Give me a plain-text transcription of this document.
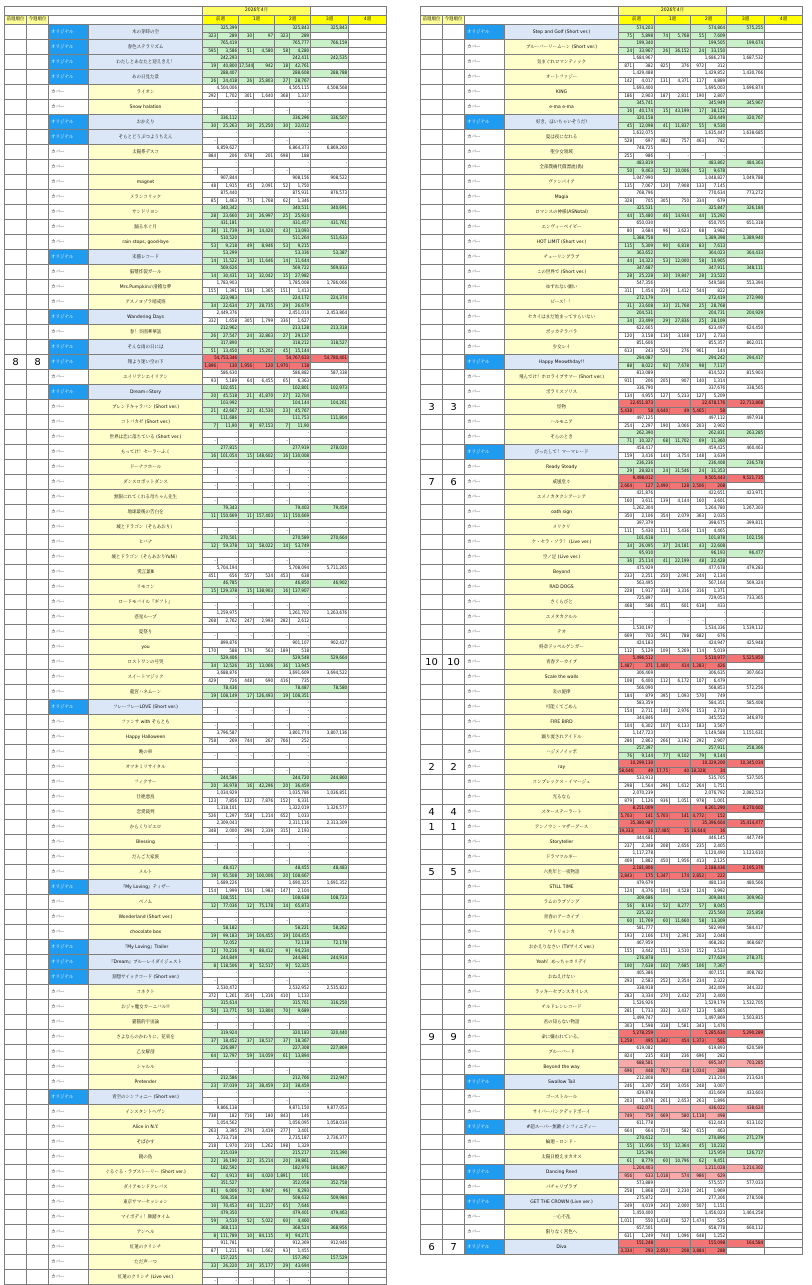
				2026年4月							
前週順位	今週順位			前週		1週		2週		3週	4週
		オリジナル	木の芽時の空	325,399				325,843		325,843	
				323	289	30	97	323	289		
		オリジナル	春色ステラリズム	765,419				765,777		766,159	
				595	3,586	51	4,580	58	4,280		
		オリジナル	わたしとあなたと迎えきえ！	242,293				242,411		242,535	
				19	40,800	17,544	942	18	42,761		
		オリジナル	あの日見た景	288,407				288,608		288,788	
				26	24,418	26	25,803	27	28,767		
		カバー	ライオン	4,504,006				4,505,115		4,508,568	
				292	1,702	301	1,640	368	1,337		
		カバー	Snow halation	-				-		-	
				-	-	-	-	-	-		
		オリジナル	おかえり	336,112				336,296		336,507	
				30	25,263	30	25,250	30	22,012		
		オリジナル	そらとどうぶつようちえん	-				-		-	
				-	-	-	-	-	-		
		カバー	太陽系デスコ	6,859,627				6,864,373		6,869,260	
				884	206	678	201	698	188		
		カバー		-				-		-	
				-	-	-	-	-	-		
		カバー	magnet	907,844				908,156		908,522	
				48	1,915	45	2,091	52	1,750		
		カバー	メランコリック	875,440				875,931		876,573	
				85	1,463	75	1,768	62	1,346		
		カバー	サンドリヨン	340,342				340,511		340,691	
				28	23,660	24	26,997	25	25,924		
		カバー	踊る水ぐ月	431,181				431,457		431,761	
				36	11,739	39	14,420	43	13,093		
		カバー	rain stops, good-bye	510,520				511,264		511,633	
				53	9,218	49	8,946	53	9,215		
		オリジナル	未描レコード	53,299				53,336		53,387	
				14	11,522	14	11,646	14	11,644		
		カバー	脳漿炸裂ガール	569,626				569,722		569,833	
				14	30,431	13	32,042	15	27,982		
		カバー	Mrs.Pumpkinの滑稽な夢	1,783,903				1,785,008		1,786,066	
				155	1,391	158	1,365	151	1,413		
		カバー	アスノヨゾラ哨戒班	223,983				224,172		224,374	
				34	22,634	27	28,735	29	26,679		
		オリジナル	Wandering Days	2,449,376				2,451,014		2,453,864	
				332	1,658	305	1,799	336	1,627		
		カバー	春！卒園華華話	212,962				213,128		213,318	
				26	27,547	24	32,863	27	29,137		
		オリジナル	そんな雨の日には	317,890				318,212		318,527	
				51	13,450	45	15,202	45	15,144		
8	8	オリジナル	翔より迷い空の下	54,753,346				54,767,633		54,780,461	
				1,896	130	1,956	120	1,970	118		
		カバー	エイリアンエイリアン	586,630				586,882		587,338	
				93	5,189	64	6,455	65	6,363		
		オリジナル	Dream☆Story	102,651				102,801		102,973	
				20	45,518	21	41,870	27	32,704		
		カバー	ブレンドキャラバン (Short ver.)	103,992				104,144		104,261	
				21	42,667	22	41,530	23	45,767		
		カバー	コトバカゼ (Short ver.)	111,686				111,753		111,804	
				7	11,90	8	97,153	7	11,90		
		カバー	世界は恋に落ちている (Short ver.)	-				-		-	
				-	-	-	-	-	-		
		カバー	もってけ！セーラーふく	277,815				277,919		278,020	
				16	101,054	15	148,602	16	130,008		
		カバー	ドーナツホール	-				-		-	
				-	-	-	-	-	-		
		カバー	ダンスロボットダンス	-				-		-	
				-	-	-	-	-	-		
		カバー	無限にれてくれる母ちゃん先生	-				-		-	
				-	-	-	-	-	-		
		カバー	地球最後の告白を	79,343				79,403		79,459	
				11	150,669	11	157,403	11	150,669		
		カバー	城とドラゴン（そらあおり）	-				-		-	
				-	-	-	-	-	-		
		カバー	ヒバナ	270,501				270,589		270,664	
				12	59,378	13	58,022	14	53,749		
		カバー	城とドラゴン（そらあおりYuNi）	-				-		-	
				-	-	-	-	-	-		
		カバー	愛言葉Ⅲ	5,704,194				5,708,094		5,711,265	
				451	656	557	524	453	638		
		カバー	リモコン	46,785				46,850		46,902	
				15	129,378	15	138,903	16	137,907		
		カバー	ロードモバイル『ギフト』	-				-		-	
				-	-	-	-	-	-		
		カバー	惑星ループ	1,259,975				1,261,702		1,263,676	
				268	2,762	247	2,993	282	2,612		
		カバー	夏祭り	-				-		-	
				-	-	-	-	-	-		
		カバー	you	899,876				901,107		902,427	
				170	588	176	563	189	518		
		カバー	ロストワンの号哭	529,406				529,548		529,664	
				34	12,526	35	13,066	36	13,945		
		カバー	スイートマジック	3,688,876				3,691,609		3,694,522	
				429	726	448	690	416	735		
		カバー	龍宮ハネムーン	78,436				78,487		78,580	
				19	108,149	17	126,493	19	108,351		
		オリジナル	フレーフレーLOVE (Short ver.)	-				-		-	
				-	-	-	-	-	-		
		カバー	ファンサ with そらとも	-				-		-	
				-	-	-	-	-	-		
		カバー	Happy Halloween	3,796,587				3,801,774		3,807,136	
				758	269	744	267	766	252		
		カバー	晩の車	-				-		-	
				-	-	-	-	-	-		
		カバー	オツキミリサイタル	-				-		-	
				-	-	-	-	-	-		
		カバー	フィクサー	244,586				244,720		244,860	
				20	36,978	16	42,296	20	36,459		
		カバー	仕絶悪鳥	1,034,929				1,035,786		1,036,851	
				123	7,856	122	7,876	152	6,331		
		カバー	恋愛裁判	1,318,101				1,322,019		1,326,577	
				526	1,297	558	1,214	652	1,033		
		カバー	からくりピエロ	2,309,043				2,311,116		2,313,309	
				348	2,000	296	2,339	315	2,193		
		カバー	Blessing	-				-		-	
				-	-	-	-	-	-		
		カバー	だんご大家族	-				-		-	
				-	-	-	-	-	-		
		カバー	メルト	48,417				48,455		48,483	
				19	95,508	20	100,006	20	108,667		
		オリジナル	『My Loving』ティザー	1,689,226				1,690,325		1,691,352	
				154	1,999	156	1,983	147	2,104		
		カバー	ベノム	108,551				108,638		108,723	
				12	77,036	12	75,178	14	65,873		
		カバー	Wonderland (Short ver.)	-				-		-	
				-	-	-	-	-	-		
		カバー	chocolate box	58,182				58,221		58,262	
				19	99,183	19	104,455	19	104,455		
		オリジナル	『My Loving』Trailer	72,052				72,118		72,178	
				12	70,216	9	88,412	9	94,234		
		オリジナル	『Dream』ブルーレイダイジェスト	244,849				244,881		244,914	
				8	118,506	8	52,517	9	52,325		
		オリジナル	刻想サイックコード (Short ver.)	-				-		-	
				-	-	-	-	-	-		
		カバー	コネクト	2,530,472				2,532,952		2,535,822	
				372	1,261	354	1,316	410	1,133		
		カバー	おジャ魔女カーニバル!!	315,614				315,761		316,250	
				50	13,771	50	13,804	70	9,689		
		カバー	猫猫的宇宙論	-				-		-	
				-	-	-	-	-	-		
		カバー	さよならのかわりに、花束を	319,924				320,183		320,440	
				37	18,452	37	18,517	37	18,367		
		カバー	乙女解剖	226,897				227,308		227,869	
				64	12,797	59	14,059	61	13,894		
		カバー	シャルル	-				-		-	
				-	-	-	-	-	-		
		カバー	Pretender	212,586				212,766		212,947	
				23	37,039	23	38,459	23	38,459		
		オリジナル	青空のシンフォニー (Short ver.)	-				-		-	
				-	-	-	-	-	-		
		カバー	インスタントヘヴン	9,866,138				9,871,150		9,877,053	
				738	182	716	180	843	146		
		カバー	Alice in N.Y.	1,054,562				1,056,095		1,058,034	
				263	3,395	276	3,419	277	3,401		
		カバー	そばかす	2,733,718				2,735,187		2,736,377	
				218	1,970	210	1,262	198	1,329		
		カバー	鏡の島	215,039				215,217		215,390	
				22	36,190	22	35,214	20	39,861		
		カバー	ぐるぐる・ラブストーリー (Short ver.)	182,592				182,976		184,867	
				62	4,913	84	4,020	1,891	101		
		カバー	ダイアモンドクレバス	351,527				352,058		352,758	
				81	6,006	72	8,947	96	6,293		
		カバー	東京サマーセッション	508,358				508,632		509,984	
				10	70,453	44	11,217	65	7,646		
		カバー	マイボディ！舞踏タイム	479,350				479,401		479,463	
				59	3,510	52	5,022	60	4,460		
		カバー	アンヘル	368,113				368,524		368,956	
				8	111,789	10	84,115	9	94,271		
		カバー	紅蓮のクリシチ	911,781				912,369		912,946	
				87	1,211	93	1,662	93	1,455		
		カバー	ただ声一つ	157,225				157,392		157,529	
				33	26,220	24	35,177	29	43,694		
		カバー	紅蓮のクリシチ (Live ver.)	-				-		-	
				-	-	-	-	-	-		
				2026年4月							
前週順位	今週順位			前週		1週		2週		3週	4週
		オリジナル	Step and Golf (Short ver.)	574,203				574,864		575,255	
				75	5,898	74	5,768	55	7,609		
		カバー	ブルーバーリームーン (Short ver.)	199,340				199,505		199,674	
				24	33,967	26	36,152	24	33,150		
		カバー	気まぐれロマンティック	1,684,967				1,686,278		1,687,532	
				871	382	825	376	972	312		
		カバー	オートファジー	1,429,488				1,429,852		1,430,766	
				142	4,017	131	4,371	117	4,889		
		カバー	KING	1,693,400				1,695,003		1,696,874	
				186	2,903	187	2,811	190	2,807		
		カバー	e-ma e-ma	345,741				345,949		345,967	
				16	40,174	15	43,199	17	38,152		
		オリジナル	好き、ほいちゃいそうだ!	320,158				320,449		320,767	
				45	12,098	41	11,837	55	9,530		
		カバー	夏は夜になれる	1,632,075				1,635,447		1,638,685	
				528	697	482	757	463	782		
		カバー	聖少女領域	748,725				-		-	
				255	986	-	-	-	-		
		カバー	全部僕痛代償漂流(偽)	483,819				483,862		484,363	
				50	9,463	52	10,006	53	9,678		
		カバー	ヴァンパイア	1,047,990				1,048,827		1,049,788	
				135	7,067	120	7,908	133	7,145		
		カバー	Magia	768,796				770,634		773,272	
				328	705	305	750	334	679		
		カバー	ロマンスの神様(ASNotal)	325,531				325,847		326,184	
				44	15,480	46	14,934	44	15,292		
		カバー	エンヴィーベイビー	650,030				650,705		651,318	
				80	3,684	96	3,623	68	3,982		
		カバー	HOT LIMIT (Short ver.)	1,388,758				1,389,398		1,389,940	
				115	5,309	90	6,818	83	7,613		
		カバー	チューリングラブ	363,652				364,023		364,433	
				44	14,323	53	12,000	58	10,905		
		カバー	この世界で (Short ver.)	347,687				347,911		348,111	
				28	25,228	30	19,847	28	23,522		
		カバー	ゆずれない願い	547,356				549,586		553,394	
				311	1,454	319	1,412	544	822		
		カバー	ピース！！	272,179				272,419		272,990	
				31	23,608	33	21,768	25	28,768		
		カバー	セカイはまだ始まってすらいない	204,531				204,731		204,929	
				34	23,499	29	27,836	25	28,109		
		カバー	ポッカテラバラ	622,665				623,497		624,450	
				120	3,158	116	3,168	137	2,733		
		カバー	少女レイ	851,606				855,357		862,011	
				613	243	526	276	961	144		
		オリジナル	Happy Meowthday!!	294,087				294,242		294,417	
				88	8,022	92	7,678	98	7,117		
		カバー	飛んでけ！ホロライブサマー (Short ver.)	813,089				814,522		815,903	
				911	206	205	907	140	1,314		
		カバー	ボラリスソリス	336,790				337,676		338,565	
				134	4,955	127	5,233	127	5,209		
3	3	カバー	怪物	22,651,873				22,678,176		22,713,868	
				5,438	58	4,640	49	5,465	58		
		カバー	ハルモニア	497,125				497,112		497,918	
				254	2,297	190	3,066	203	2,902		
		カバー	そらのとき	262,390				262,831		263,285	
				71	10,327	68	11,702	69	11,360		
		オリジナル	ぴったして！マーマレード	458,417				459,425		460,463	
				159	3,416	144	3,754	148	3,639		
		カバー	Ready Steady	236,236				236,408		236,578	
				29	28,824	24	31,546	24	31,353		
7	6	カバー	威風堂々	9,498,012				9,505,443		9,521,735	
				2,664	127	2,490	128	2,506	208		
		カバー	ユメノカタクシアーシア	421,876				422,651		423,971	
				160	3,611	139	4,144	160	3,601		
		カバー	oath sign	1,262,304				1,264,780		1,267,303	
				350	2,106	354	2,079	363	2,035		
		カバー	メリクリ	397,379				398,675		399,811	
				111	5,430	111	5,436	114	4,465		
		カバー	ケ・セラ・ソラ！ (Live ver.)	101,618				101,878		102,156	
				34	26,095	37	24,181	43	22,608		
		カバー	空ノ足 (Live ver.)	95,910				96,193		96,477	
				36	25,114	41	22,199	48	22,428		
		カバー	Beyond	475,929				477,678		479,283	
				233	2,251	250	2,091	244	2,134		
		カバー	RAD DOGS	563,495				567,164		569,324	
				228	1,917	318	3,316	316	1,371		
		カバー	さくらびと	725,897				729,053		733,365	
				468	586	451	601	618	433		
		カバー	ユメタカクルル	-				-		-	
				-	-	-	-	-	-		
		カバー	テオ	1,530,197				1,534,336		1,539,112	
				669	703	591	788	682	676		
		カバー	終章ドッペルゲンガー	424,183				424,947		425,948	
				112	5,129	109	5,269	114	5,019		
10	10	カバー	青春アーカイブ	5,496,512				5,510,977		5,525,850	
				1,487	371	1,400	414	1,283	426		
		カバー	Scale the walls	306,469				306,635		307,663	
				108	6,400	112	6,172	107	6,479		
		カバー	炎の旋律	566,090				568,853		572,256	
				184	879	395	1,093	570	749		
		カバー	可能くてごめん	583,359				584,351		585,408	
				154	2,711	140	2,976	153	2,710		
		カバー	FIRE BIRD	344,846				345,552		346,870	
				104	6,302	107	6,133	183	3,567		
		カバー	踊り流されアイドル	1,147,723				1,149,588		1,151,631	
				286	2,863	266	3,192	292	2,907		
		カバー	ハジメノイッポ	257,397				257,911		258,366	
				76	9,144	77	9,102	79	9,144		
2	2	カバー	ray	10,299,130				10,329,200		10,345,034	
				58,646	49	17,75	40	18,328	34		
		カバー	コンプレックス・イマージュ	533,913				535,705		537,505	
				298	1,564	296	1,612	264	1,751		
		カバー	光るなら	2,070,239				2,076,792		2,082,513	
				879	1,126	936	1,051	978	1,001		
4	4	カバー	スターステーラート	8,251,009				8,261,290		8,270,602	
				5,703	141	5,703	141	4,772	152		
1	1	カバー	アンノウン・マザーグース	35,380,987				35,396,604		35,414,477	
				19,333	16	17,485	15	16,644	16		
		カバー	Storyteller	444,681				446,145		447,749	
				237	2,348	208	2,656	235	2,405		
		カバー	ドラマツルギー	1,117,278				1,120,490		1,123,610	
				469	1,882	450	1,956	413	2,125		
5	5	カバー	六兆年と一夜物語	2,181,806				2,188,436		2,195,376	
				2,843	175	1,347	174	2,852	222		
		カバー	STILL TIME	479,679				480,134		480,566	
				124	4,376	104	4,528	124	3,992		
		カバー	ラムのラブソング	309,686				309,844		309,963	
				56	8,193	52	8,277	57	8,045		
		カバー	青春のアーカイブ	225,322				225,560		225,858	
				60	11,769	60	11,660	58	13,309		
		カバー	マトリョシカ	581,777				582,998		584,417	
				193	2,166	174	2,391	203	2,048		
		カバー	おかえりなさい (TVサイズ ver.)	467,959				468,282		468,687	
				155	3,442	151	3,510	152	3,533		
		カバー	Yeah！めっちゃホリデイ	276,878				277,629		278,371	
				100	7,638	102	7,685	106	7,367		
		カバー	おねえけない	405,386				407,151		408,782	
				293	2,583	252	2,354	234	2,322		
		カバー	ラッキーセブンスカイレス	338,918				342,409		344,322	
				283	3,334	270	2,432	273	2,400		
		カバー	チルドレンレコード	1,526,926				1,529,179		1,532,705	
				281	1,733	332	3,437	123	5,865		
		カバー	君の知らない物語	1,499,747				1,497,869		1,503,815	
				303	1,598	318	1,581	343	1,476		
9	9	カバー	命に嫌われている。	5,278,259				5,285,634		5,290,289	
				1,258	495	1,342	454	1,373	501		
		カバー	ブルーバード	619,082				619,893		620,589	
				824	235	818	236	696	282		
		カバー	Beyond the way	688,581				695,347		703,285	
				696	448	767	418	1,034	288		
		オリジナル	Swallow Tail	212,808				213,204		213,624	
				246	3,207	258	3,056	248	3,007		
		カバー	ゴーストルール	429,878				431,669		433,603	
				203	1,878	261	2,653	263	1,896		
		カバー	サイバーパンクデッドボーイ	432,071				436,022		438,624	
				749	759	669	580	1,118	498		
		オリジナル	#超スーパー無敵インフィニティー	611,778				612,443		613,102	
				664	664	724	582	615	463		
		カバー	輪廻・ロンド・	270,612				270,896		271,279	
				55	11,956	55	12,364	45	10,232		
		カバー	太陽日焼えまカオス	125,296				125,959		126,717	
				61	8,779	60	10,796	62	9,451		
		オリジナル	Dancing Reed	1,204,403				1,211,028		1,214,302	
				956	633	1,018	574	986	629		
		カバー	パチャリプラブ	573,889				575,557		577,033	
				258	1,868	224	2,230	241	1,969		
		オリジナル	GET THE CROWN (Live ver.)	275,872				277,306		278,508	
				249	4,019	243	2,000	507	1,151		
		カバー	一心不乱	1,450,400				1,456,023		1,464,258	
				1,011	550	1,418	527	1,474	525		
		カバー	限りなく宮色へ	657,501				658,778		660,112	
				631	1,249	744	1,096	648	1,252		
6	7	オリジナル	Diva	151,248				155,098		164,584	
				3,334	293	2,650	208	3,884	288		
